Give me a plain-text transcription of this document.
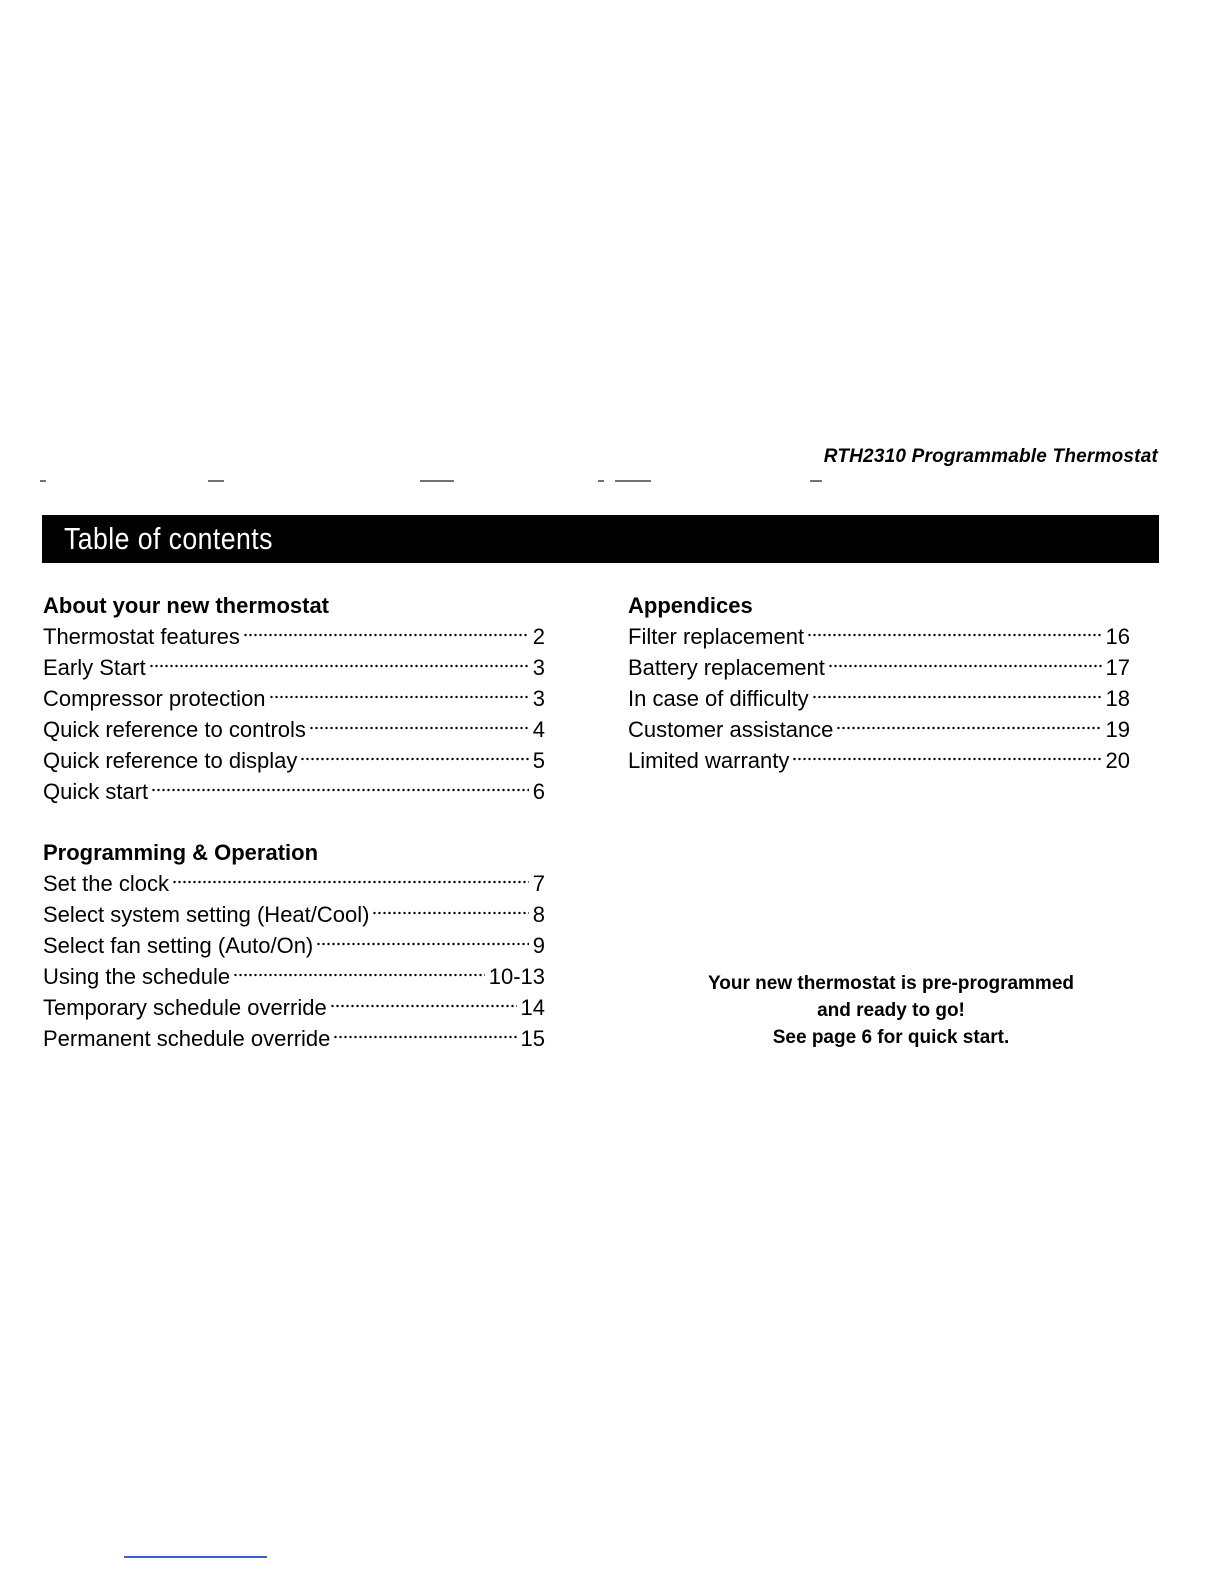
RTH2310 Programmable Thermostat
Table of contents
About your new thermostat
Thermostat features	2
Early Start	3
Compressor protection	3
Quick reference to controls	4
Quick reference to display	5
Quick start	6
Programming & Operation
Set the clock	7
Select system setting (Heat/Cool)	8
Select fan setting (Auto/On)	9
Using the schedule	10-13
Temporary schedule override	14
Permanent schedule override	15
Appendices
Filter replacement	16
Battery replacement	17
In case of difficulty	18
Customer assistance	19
Limited warranty	20
Your new thermostat is pre-programmed
and ready to go!
See page 6 for quick start.
